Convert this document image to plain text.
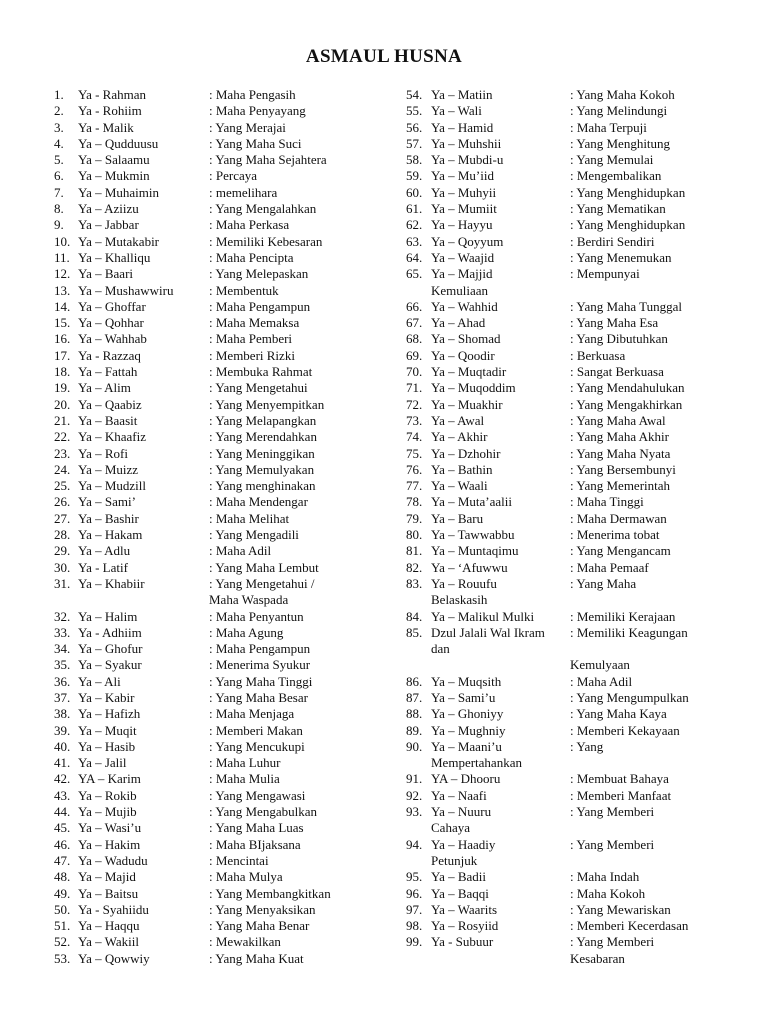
ASMAUL HUSNA
1. Ya - Rahman	: Maha Pengasih
2. Ya - Rohiim	: Maha Penyayang
3. Ya - Malik	: Yang Merajai
4. Ya – Qudduusu	: Yang Maha Suci
5. Ya – Salaamu	: Yang Maha Sejahtera
6. Ya – Mukmin	: Percaya
7. Ya – Muhaimin	: memelihara
8. Ya – Aziizu	: Yang Mengalahkan
9. Ya – Jabbar	: Maha Perkasa
10. Ya – Mutakabir	: Memiliki Kebesaran
11. Ya – Khalliqu	: Maha Pencipta
12. Ya – Baari	: Yang Melepaskan
13. Ya – Mushawwiru	: Membentuk
14. Ya – Ghoffar	: Maha Pengampun
15. Ya – Qohhar	: Maha Memaksa
16. Ya – Wahhab	: Maha Pemberi
17. Ya - Razzaq	: Memberi Rizki
18. Ya – Fattah	: Membuka Rahmat
19. Ya – Alim	: Yang Mengetahui
20. Ya – Qaabiz	: Yang Menyempitkan
21. Ya – Baasit	: Yang Melapangkan
22. Ya – Khaafiz	: Yang Merendahkan
23. Ya – Rofi	: Yang Meninggikan
24. Ya – Muizz	: Yang Memulyakan
25. Ya – Mudzill	: Yang menghinakan
26. Ya – Sami’	: Maha Mendengar
27. Ya – Bashir	: Maha Melihat
28. Ya – Hakam	: Yang Mengadili
29. Ya – Adlu	: Maha Adil
30. Ya - Latif	: Yang Maha Lembut
31. Ya – Khabiir	: Yang Mengetahui /
Maha Waspada
32. Ya – Halim	: Maha Penyantun
33. Ya - Adhiim	: Maha Agung
34. Ya – Ghofur	: Maha Pengampun
35. Ya – Syakur	: Menerima Syukur
36. Ya – Ali	: Yang Maha Tinggi
37. Ya – Kabir	: Yang Maha Besar
38. Ya – Hafizh	: Maha Menjaga
39. Ya – Muqit	: Memberi Makan
40. Ya – Hasib	: Yang Mencukupi
41. Ya – Jalil	: Maha Luhur
42. YA – Karim	: Maha Mulia
43. Ya – Rokib	: Yang Mengawasi
44. Ya – Mujib	: Yang Mengabulkan
45. Ya – Wasi’u	: Yang Maha Luas
46. Ya – Hakim	: Maha BIjaksana
47. Ya – Wadudu	: Mencintai
48. Ya – Majid	: Maha Mulya
49. Ya – Baitsu	: Yang Membangkitkan
50. Ya - Syahiidu	: Yang Menyaksikan
51. Ya – Haqqu	: Yang Maha Benar
52. Ya – Wakiil	: Mewakilkan
53. Ya – Qowwiy	: Yang Maha Kuat
54. Ya – Matiin	: Yang Maha Kokoh
55. Ya – Wali	: Yang Melindungi
56. Ya – Hamid	: Maha Terpuji
57. Ya – Muhshii	: Yang Menghitung
58. Ya – Mubdi-u	: Yang Memulai
59. Ya – Mu’iid	: Mengembalikan
60. Ya – Muhyii	: Yang Menghidupkan
61. Ya – Mumiit	: Yang Mematikan
62. Ya – Hayyu	: Yang Menghidupkan
63. Ya – Qoyyum	: Berdiri Sendiri
64. Ya – Waajid	: Yang Menemukan
65. Ya – Majjid	: Mempunyai
Kemuliaan
66. Ya – Wahhid	: Yang Maha Tunggal
67. Ya – Ahad	: Yang Maha Esa
68. Ya – Shomad	: Yang Dibutuhkan
69. Ya – Qoodir	: Berkuasa
70. Ya – Muqtadir	: Sangat Berkuasa
71. Ya – Muqoddim	: Yang Mendahulukan
72. Ya – Muakhir	: Yang Mengakhirkan
73. Ya – Awal	: Yang Maha Awal
74. Ya – Akhir	: Yang Maha Akhir
75. Ya – Dzhohir	: Yang Maha Nyata
76. Ya – Bathin	: Yang Bersembunyi
77. Ya – Waali	: Yang Memerintah
78. Ya – Muta’aalii	: Maha Tinggi
79. Ya – Baru	: Maha Dermawan
80. Ya – Tawwabbu	: Menerima tobat
81. Ya – Muntaqimu	: Yang Mengancam
82. Ya – ‘Afuwwu	: Maha Pemaaf
83. Ya – Rouufu	: Yang Maha
Belaskasih
84. Ya – Malikul Mulki	: Memiliki Kerajaan
85. Dzul Jalali Wal Ikram : Memiliki Keagungan
dan
Kemulyaan
86. Ya – Muqsith	: Maha Adil
87. Ya – Sami’u	: Yang Mengumpulkan
88. Ya – Ghoniyy	: Yang Maha Kaya
89. Ya – Mughniy	: Memberi Kekayaan
90. Ya – Maani’u	: Yang
Mempertahankan
91. YA – Dhooru	: Membuat Bahaya
92. Ya – Naafi	: Memberi Manfaat
93. Ya – Nuuru	: Yang Memberi
Cahaya
94. Ya – Haadiy	: Yang Memberi
Petunjuk
95. Ya – Badii	: Maha Indah
96. Ya – Baqqi	: Maha Kokoh
97. Ya – Waarits	: Yang Mewariskan
98. Ya – Rosyiid	: Memberi Kecerdasan
99. Ya - Subuur	: Yang Memberi
Kesabaran
